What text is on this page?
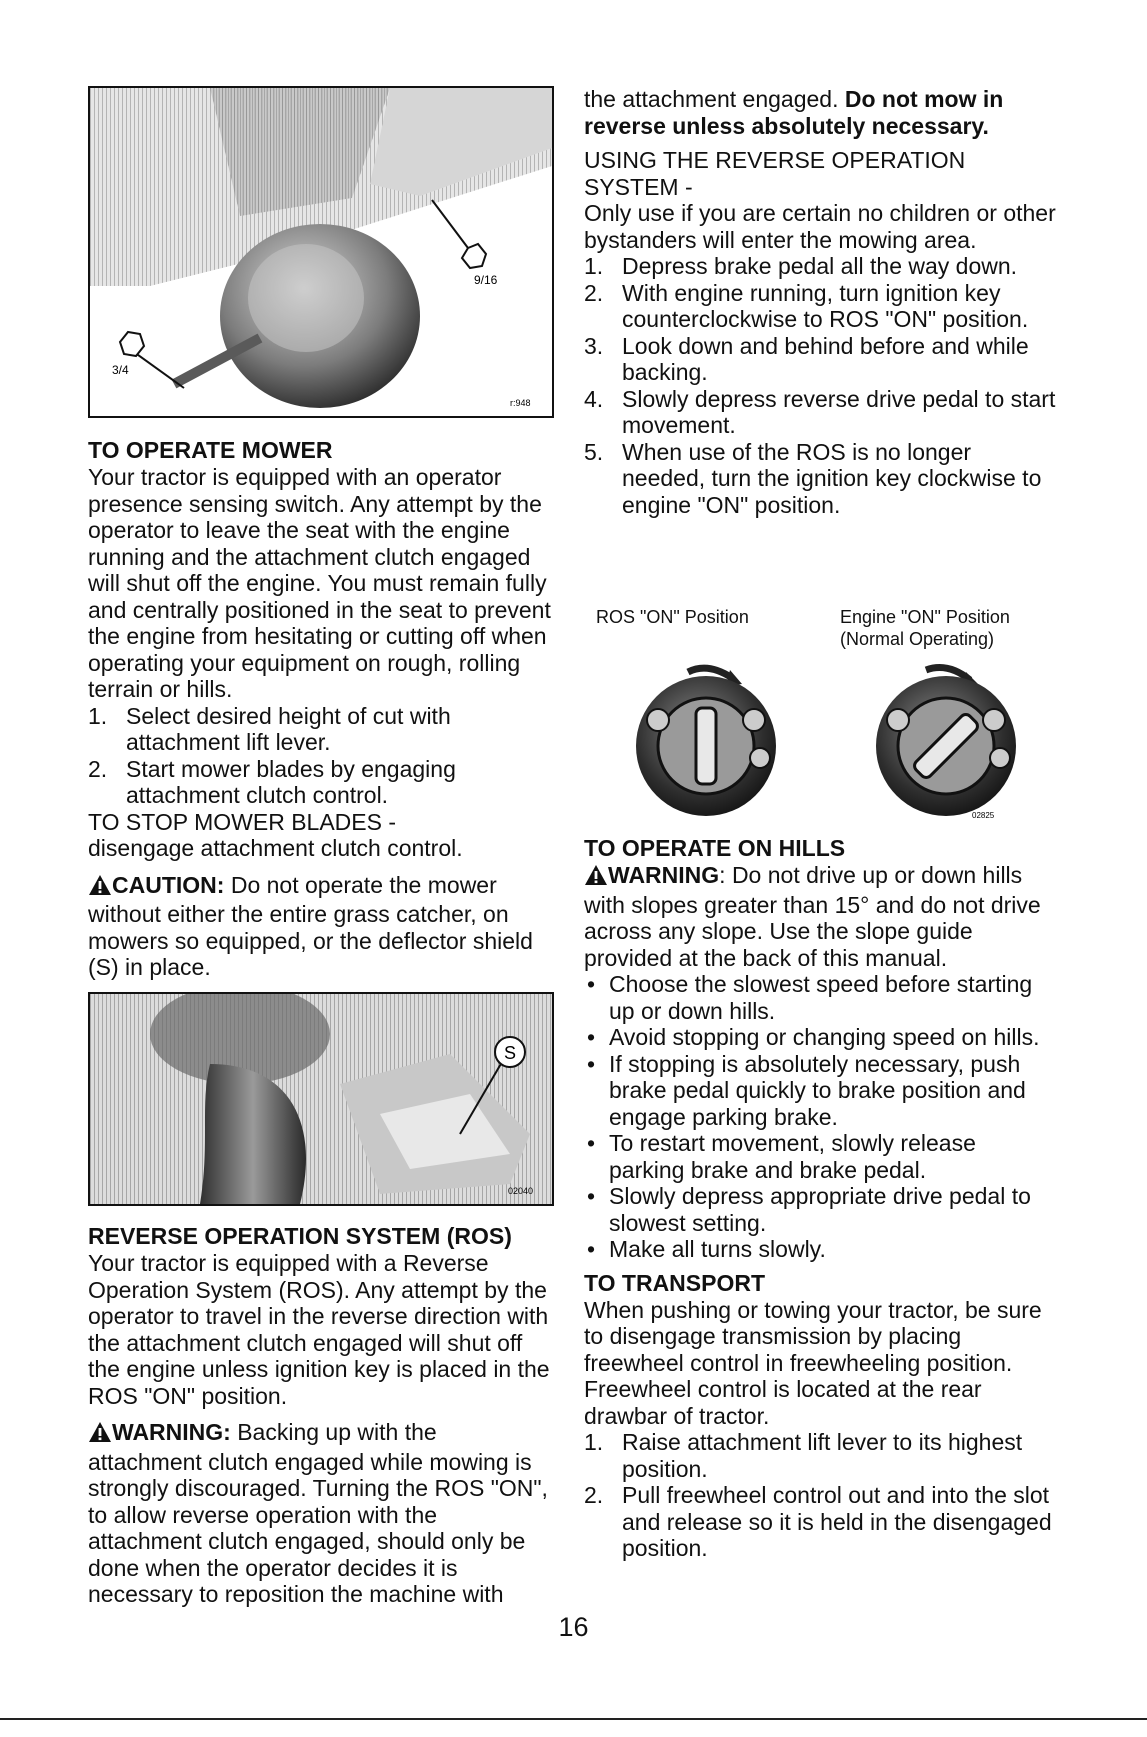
9/16
3/4
r:948

TO OPERATE MOWER

Your tractor is equipped with an operator presence sensing switch. Any attempt by the operator to leave the seat with the engine running and the attachment clutch engaged will shut off the engine. You must remain fully and centrally positioned in the seat to prevent the engine from hesitating or cutting off when operating your equipment on rough, rolling terrain or hills.

1. Select desired height of cut with attachment lift lever.
2. Start mower blades by engaging attachment clutch control.

TO STOP MOWER BLADES -

disengage attachment clutch control.

CAUTION: Do not operate the mower without either the entire grass catcher, on mowers so equipped, or the deflector shield (S) in place.

S
02040

REVERSE OPERATION SYSTEM (ROS)

Your tractor is equipped with a Reverse Operation System (ROS). Any attempt by the operator to travel in the reverse direction with the attachment clutch engaged will shut off the engine unless ignition key is placed in the ROS "ON" position.

WARNING: Backing up with the attachment clutch engaged while mowing is strongly discouraged. Turning the ROS "ON", to allow reverse operation with the attachment clutch engaged, should only be done when the operator decides it is necessary to reposition the machine with

the attachment engaged. Do not mow in reverse unless absolutely necessary.

USING THE REVERSE OPERATION SYSTEM -

Only use if you are certain no children or other bystanders will enter the mowing area.

1. Depress brake pedal all the way down.
2. With engine running, turn ignition key counterclockwise to ROS "ON" position.
3. Look down and behind before and while backing.
4. Slowly depress reverse drive pedal to start movement.
5. When use of the ROS is no longer needed, turn the ignition key clockwise to engine "ON" position.
ROS "ON" Position	Engine "ON" Position
(Normal Operating)
02825

TO OPERATE ON HILLS

WARNING: Do not drive up or down hills with slopes greater than 15° and do not drive across any slope. Use the slope guide provided at the back of this manual.

• Choose the slowest speed before starting up or down hills.
• Avoid stopping or changing speed on hills.
• If stopping is absolutely necessary, push brake pedal quickly to brake position and engage parking brake.
• To restart movement, slowly release parking brake and brake pedal.
• Slowly depress appropriate drive pedal to slowest setting.
• Make all turns slowly.

TO TRANSPORT

When pushing or towing your tractor, be sure to disengage transmission by placing freewheel control in freewheeling position. Freewheel control is located at the rear drawbar of tractor.

1. Raise attachment lift lever to its highest position.
2. Pull freewheel control out and into the slot and release so it is held in the disengaged position.
16
